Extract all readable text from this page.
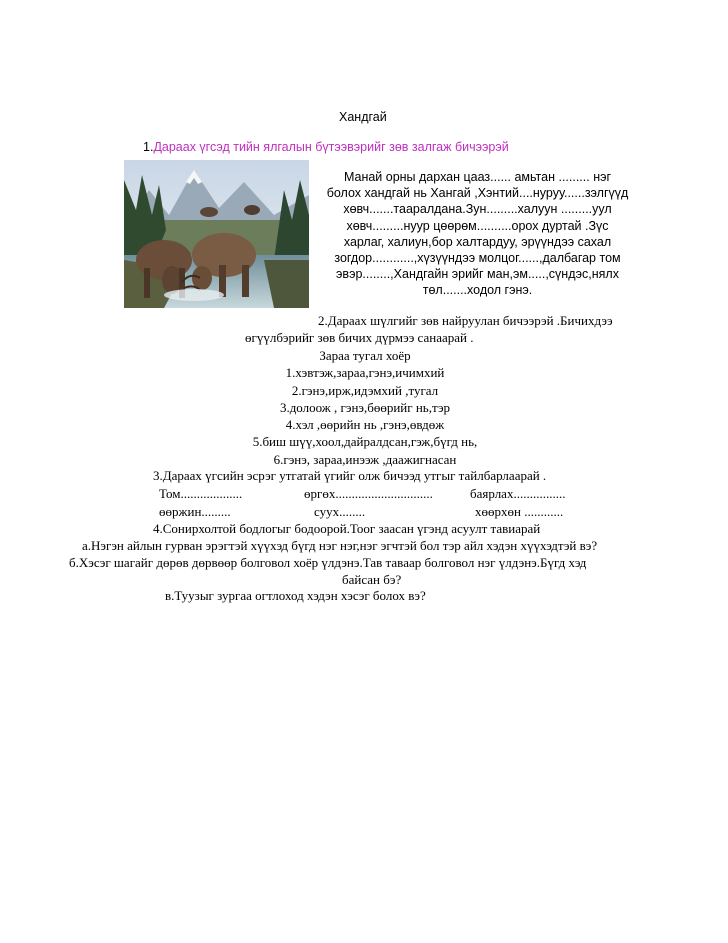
Хандгай
1.Дараах үгсэд тийн ялгалын бүтээвэрийг зөв залгаж бичээрэй
Манай орны дархан цааз...... амьтан ......... нэг
болох хандгай нь Хангай ,Хэнтий....нуруу......зэлгүүд
хөвч.......тааралдана.Зун.........халуун .........уул
хөвч.........нуур цөөрөм..........орох дуртай .Зүс
харлаг, халиун,бор халтардуу, эрүүндээ сахал
зогдор............,хүзүүндээ молцог......,далбагар том
эвэр........,Хандгайн эрийг ман,эм.....,сүндэс,нялх
төл.......ходол гэнэ.
2.Дараах шүлгийг зөв найруулан бичээрэй .Бичихдээ
өгүүлбэрийг зөв бичих дүрмээ санаарай .
Зараа тугал хоёр
1.хэвтэж,зараа,гэнэ,ичимхий
2.гэнэ,ирж,идэмхий ,тугал
3.долоож , гэнэ,бөөрийг нь,тэр
4.хэл ,өөрийн нь ,гэнэ,өвдөж
5.биш шүү,хоол,дайралдсан,гэж,бүгд нь,
6.гэнэ, зараа,инээж ,даажигнасан
3.Дараах үгсийн эсрэг утгатай үгийг олж бичээд утгыг тайлбарлаарай .
Том...................	өргөх..............................	баярлах................
өөржин.........	суух........	хөөрхөн ............
4.Сонирхолтой бодлогыг бодоорой.Тоог заасан үгэнд асуулт тавиарай
а.Нэгэн айлын гурван эрэгтэй хүүхэд бүгд нэг нэг,нэг эгчтэй бол тэр айл хэдэн хүүхэдтэй вэ?
б.Хэсэг шагайг дөрөв дөрвөөр болговол хоёр үлдэнэ.Тав тавaар болговол нэг үлдэнэ.Бүгд хэд
байсан бэ?
в.Туузыг зургаа огтлоход хэдэн хэсэг болох вэ?
